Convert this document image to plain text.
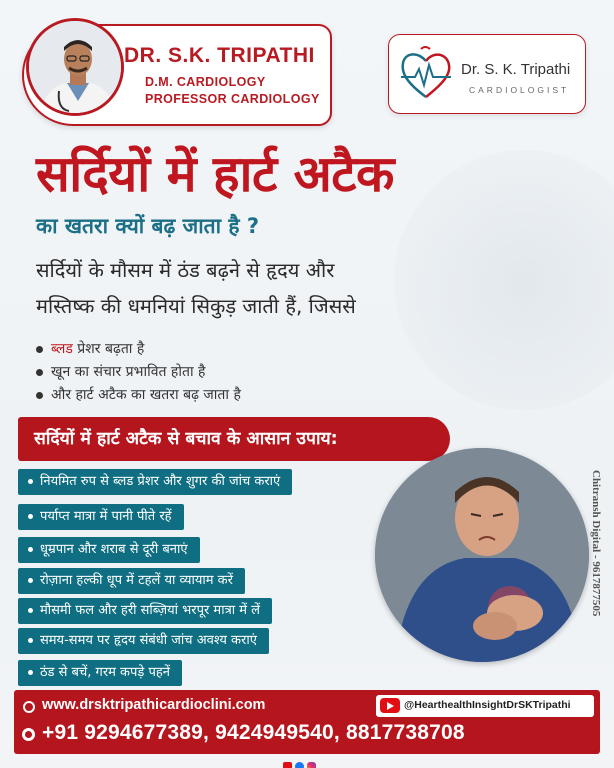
DR. S.K. TRIPATHI
D.M. CARDIOLOGY
PROFESSOR CARDIOLOGY
Dr. S. K. Tripathi
CARDIOLOGIST
सर्दियों में हार्ट अटैक
का खतरा क्यों बढ़ जाता है ?
सर्दियों के मौसम में ठंड बढ़ने से हृदय और
मस्तिष्क की धमनियां सिकुड़ जाती हैं, जिससे
ब्लड प्रेशर बढ़ता है
खून का संचार प्रभावित होता है
और हार्ट अटैक का खतरा बढ़ जाता है
सर्दियों में हार्ट अटैक से बचाव के आसान उपाय:
नियमित रुप से ब्लड प्रेशर और शुगर की जांच कराएं
पर्याप्त मात्रा में पानी पीते रहें
धूम्रपान और शराब से दूरी बनाएं
रोज़ाना हल्की धूप में टहलें या व्यायाम करें
मौसमी फल और हरी सब्ज़ियां भरपूर मात्रा में लें
समय-समय पर हृदय संबंधी जांच अवश्य कराएं
ठंड से बचें, गरम कपड़े पहनें
Chitransh Digital - 9617877505
www.drsktripathicardioclini.com	@HearthealthInsightDrSKTripathi
+91 9294677389, 9424949540, 8817738708
